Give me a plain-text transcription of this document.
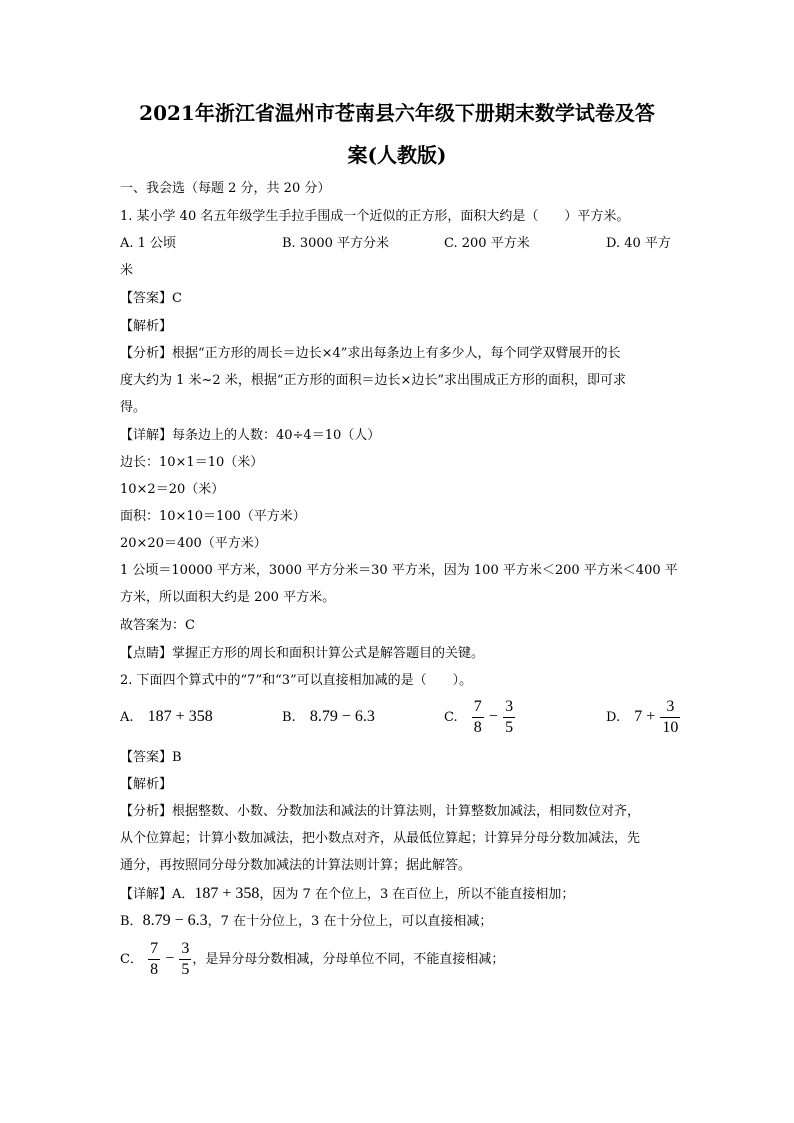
2021年浙江省温州市苍南县六年级下册期末数学试卷及答
案(人教版)
一、我会选（每题 2 分，共 20 分）
1. 某小学 40 名五年级学生手拉手围成一个近似的正方形，面积大约是（　　）平方米。
A. 1 公顷	B. 3000 平方分米	C. 200 平方米	D. 40 平方
米
【答案】C
【解析】
【分析】根据“正方形的周长＝边长×4”求出每条边上有多少人，每个同学双臂展开的长
度大约为 1 米~2 米，根据“正方形的面积＝边长×边长”求出围成正方形的面积，即可求
得。
【详解】每条边上的人数：40÷4＝10（人）
边长：10×1＝10（米）
10×2＝20（米）
面积：10×10＝100（平方米）
20×20＝400（平方米）
1 公顷＝10000 平方米，3000 平方分米＝30 平方米，因为 100 平方米＜200 平方米＜400 平
方米，所以面积大约是 200 平方米。
故答案为：C
【点睛】掌握正方形的周长和面积计算公式是解答题目的关键。
2. 下面四个算式中的“7”和“3”可以直接相加减的是（　　）。
A. 187 + 358	B. 8.79 − 6.3	C. $\frac{7}{8} - \frac{3}{5}$	D. $7 + \frac{3}{10}$
【答案】B
【解析】
【分析】根据整数、小数、分数加法和减法的计算法则，计算整数加减法，相同数位对齐，
从个位算起；计算小数加减法，把小数点对齐，从最低位算起；计算异分母分数加减法，先
通分，再按照同分母分数加减法的计算法则计算；据此解答。
【详解】A．187 + 358，因为 7 在个位上，3 在百位上，所以不能直接相加；
B．8.79 − 6.3，7 在十分位上，3 在十分位上，可以直接相减；
C． $\frac{7}{8} - \frac{3}{5}$ ，是异分母分数相减，分母单位不同，不能直接相减；
